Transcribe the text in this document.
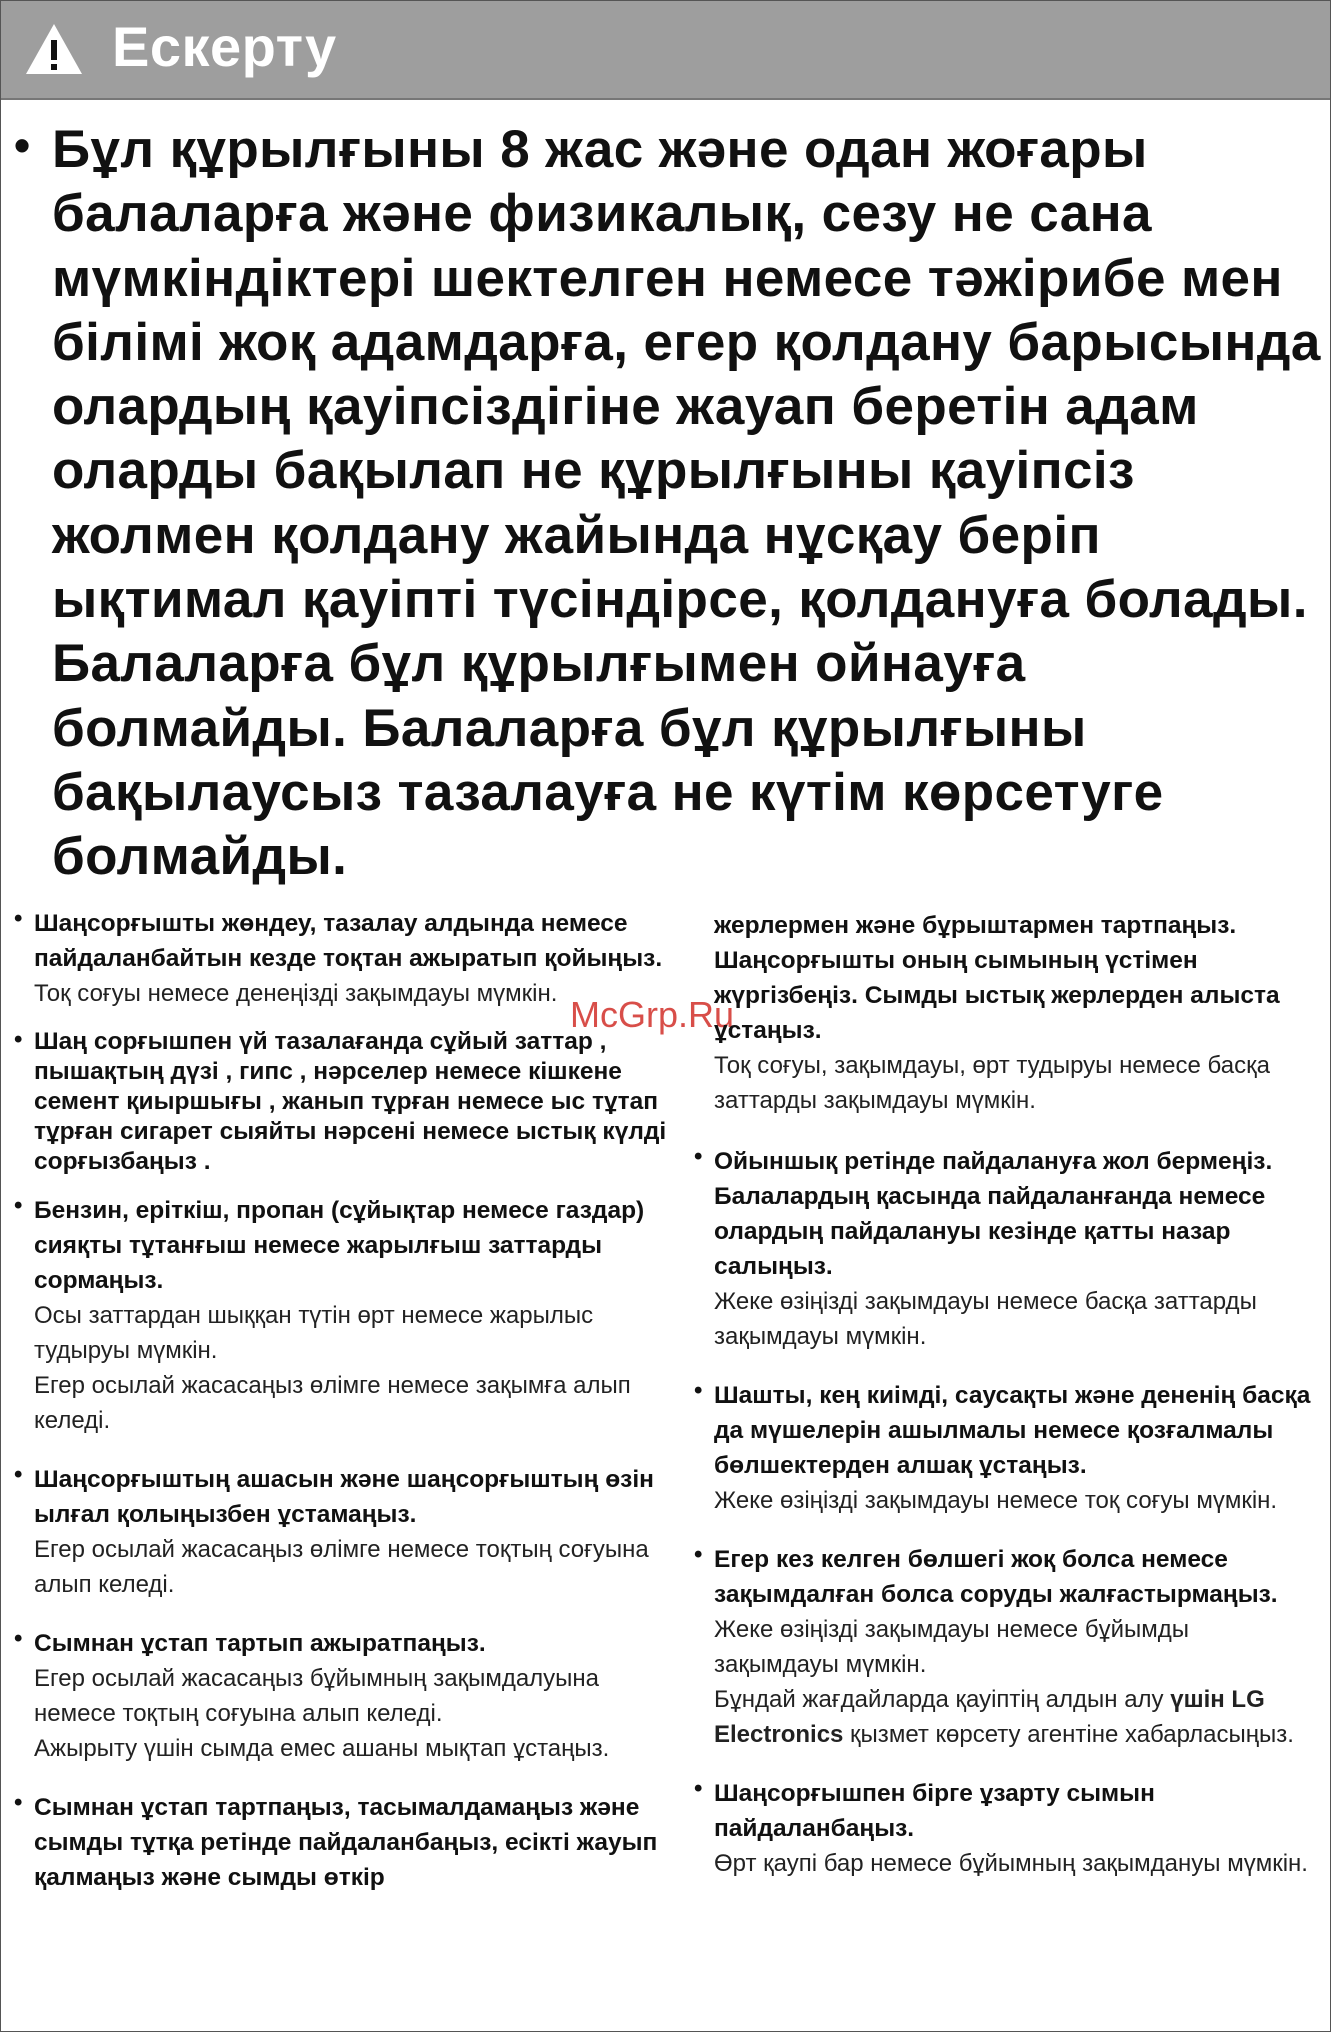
Ескерту
• Бұл құрылғыны 8 жас және одан жоғары балаларға және физикалық, сезу не сана мүмкіндіктері шектелген немесе тәжірибе мен білімі жоқ адамдарға, егер қолдану барысында олардың қауіпсіздігіне жауап беретін адам оларды бақылап не құрылғыны қауіпсіз жолмен қолдану жайында нұсқау беріп ықтимал қауіпті түсіндірсе, қолдануға болады. Балаларға бұл құрылғымен ойнауға болмайды. Балаларға бұл құрылғыны бақылаусыз тазалауға не күтім көрсетуге болмайды.
McGrp.Ru
• Шаңсорғышты жөндеу, тазалау алдында немесе пайдаланбайтын кезде тоқтан ажыратып қойыңыз.
Тоқ соғуы немесе денеңізді зақымдауы мүмкін.
• Шаң сорғышпен үй тазалағанда сұйый заттар , пышақтың дүзі , гипс , нәрселер немесе кішкене семент қиыршығы , жанып тұрған немесе ыс тұтап тұрған сигарет сыяйты нәрсені немесе ыстық күлді сорғызбаңыз .
• Бензин, еріткіш, пропан (сұйықтар немесе газдар) сияқты тұтанғыш немесе жарылғыш заттарды сормаңыз.
Осы заттардан шыққан түтін өрт немесе жарылыс тудыруы мүмкін.
Егер осылай жасасаңыз өлімге немесе зақымға алып келеді.
• Шаңсорғыштың ашасын және шаңсорғыштың өзін ылғал қолыңызбен ұстамаңыз.
Егер осылай жасасаңыз өлімге немесе тоқтың соғуына алып келеді.
• Сымнан ұстап тартып ажыратпаңыз.
Егер осылай жасасаңыз бұйымның зақымдалуына немесе тоқтың соғуына алып келеді.
Ажырыту үшін сымда емес ашаны мықтап ұстаңыз.
• Сымнан ұстап тартпаңыз, тасымалдамаңыз және сымды тұтқа ретінде пайдаланбаңыз, есікті жауып қалмаңыз және сымды өткір
жерлермен және бұрыштармен тартпаңыз. Шаңсорғышты оның сымының үстімен жүргізбеңіз. Сымды ыстық жерлерден алыста ұстаңыз.
Тоқ соғуы, зақымдауы, өрт тудыруы немесе басқа заттарды зақымдауы мүмкін.
• Ойыншық ретінде пайдалануға жол бермеңіз. Балалардың қасында пайдаланғанда немесе олардың пайдалануы кезінде қатты назар салыңыз.
Жеке өзіңізді зақымдауы немесе басқа заттарды зақымдауы мүмкін.
• Шашты, кең киімді, саусақты және дененің басқа да мүшелерін ашылмалы немесе қозғалмалы бөлшектерден алшақ ұстаңыз.
Жеке өзіңізді зақымдауы немесе тоқ соғуы мүмкін.
• Егер кез келген бөлшегі жоқ болса немесе зақымдалған болса соруды жалғастырмаңыз.
Жеке өзіңізді зақымдауы немесе бұйымды зақымдауы мүмкін.
Бұндай жағдайларда қауіптің алдын алу үшін LG Electronics қызмет көрсету агентіне хабарласыңыз.
• Шаңсорғышпен бірге ұзарту сымын пайдаланбаңыз.
Өрт қаупі бар немесе бұйымның зақымдануы мүмкін.
